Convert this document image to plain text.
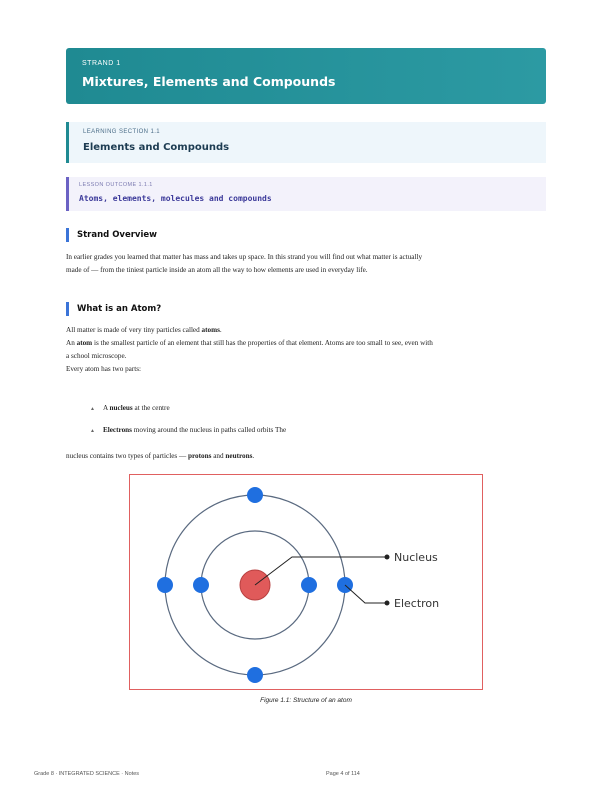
STRAND 1
Mixtures, Elements and Compounds
LEARNING SECTION 1.1
Elements and Compounds
LESSON OUTCOME 1.1.1
Atoms, elements, molecules and compounds
Strand Overview
In earlier grades you learned that matter has mass and takes up space. In this strand you will find out what matter is actually
made of — from the tiniest particle inside an atom all the way to how elements are used in everyday life.
What is an Atom?
All matter is made of very tiny particles called atoms.
An atom is the smallest particle of an element that still has the properties of that element. Atoms are too small to see, even with
a school microscope.
Every atom has two parts:
▲ A nucleus at the centre
▲ Electrons moving around the nucleus in paths called orbits The
nucleus contains two types of particles — protons and neutrons.
Nucleus
Electron
Figure 1.1: Structure of an atom
Grade 8 · INTEGRATED SCIENCE · Notes	Page 4 of 114
